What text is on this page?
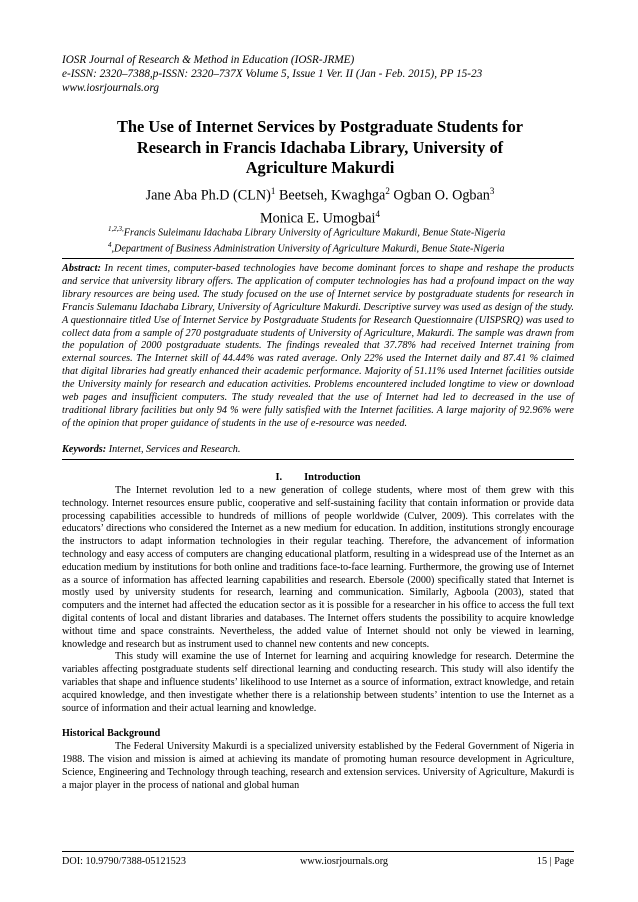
IOSR Journal of Research & Method in Education (IOSR-JRME)
e-ISSN: 2320–7388,p-ISSN: 2320–737X Volume 5, Issue 1 Ver. II (Jan - Feb. 2015), PP 15-23
www.iosrjournals.org
The Use of Internet Services by Postgraduate Students for
Research in Francis Idachaba Library, University of
Agriculture Makurdi
Jane Aba Ph.D (CLN)$^1$ Beetseh, Kwaghga$^2$ Ogban O. Ogban$^3$
Monica E. Umogbai$^4$
$^{1,2,3,}$Francis Suleimanu Idachaba Library University of Agriculture Makurdi, Benue State-Nigeria
$^4$,Department of Business Administration University of Agriculture Makurdi, Benue State-Nigeria
Abstract: In recent times, computer-based technologies have become dominant forces to shape and reshape the products and service that university library offers. The application of computer technologies has had a profound impact on the way library resources are being used. The study focused on the use of Internet service by postgraduate students for research in Francis Sulemanu Idachaba Library, University of Agriculture Makurdi. Descriptive survey was used as design of the study. A questionnaire titled Use of Internet Service by Postgraduate Students for Research Questionnaire (UISPSRQ) was used to collect data from a sample of 270 postgraduate students of University of Agriculture, Makurdi. The sample was drawn from the population of 2000 postgraduate students. The findings revealed that 37.78% had received Internet training from external sources. The Internet skill of 44.44% was rated average. Only 22% used the Internet daily and 87.41 % claimed that digital libraries had greatly enhanced their academic performance. Majority of 51.11% used Internet facilities outside the University mainly for research and education activities. Problems encountered included longtime to view or download web pages and insufficient computers. The study revealed that the use of Internet had led to decreased in the use of traditional library facilities but only 94 % were fully satisfied with the Internet facilities. A large majority of 92.96% were of the opinion that proper guidance of students in the use of e-resource was needed.
Keywords: Internet, Services and Research.
I. Introduction

The Internet revolution led to a new generation of college students, where most of them grew with this technology. Internet resources ensure public, cooperative and self-sustaining facility that contain information or provide data processing capabilities accessible to hundreds of millions of people worldwide (Culver, 2009). This correlates with the educators’ directions who considered the Internet as a new medium for education. In addition, institutions strongly encourage the instructors to adapt information technologies in their regular teaching. Therefore, the advancement of information technology and easy access of computers are changing educational platform, resulting in a widespread use of the Internet as an education medium by institutions for both online and traditions face-to-face learning. Furthermore, the growing use of Internet as a source of information has affected learning capabilities and research. Ebersole (2000) specifically stated that Internet is mostly used by university students for research, learning and communication. Similarly, Agboola (2003), stated that computers and the internet had affected the education sector as it is possible for a researcher in his office to access the full text digital contents of local and distant libraries and databases. The Internet offers students the possibility to acquire knowledge without time and space constraints. Nevertheless, the added value of Internet should not only be viewed in learning, knowledge and research but as instrument used to channel new contents and new concepts.

This study will examine the use of Internet for learning and acquiring knowledge for research. Determine the variables affecting postgraduate students self directional learning and conducting research. This study will also identify the variables that shape and influence students’ likelihood to use Internet as a source of information, extract knowledge, and retain acquired knowledge, and then investigate whether there is a relationship between students’ intention to use the Internet as a source of information and their actual learning and knowledge.

Historical Background

The Federal University Makurdi is a specialized university established by the Federal Government of Nigeria in 1988. The vision and mission is aimed at achieving its mandate of promoting human resource development in Agriculture, Science, Engineering and Technology through teaching, research and extension services. University of Agriculture, Makurdi is a major player in the process of national and global human

DOI: 10.9790/7388-05121523	www.iosrjournals.org	15 | Page
